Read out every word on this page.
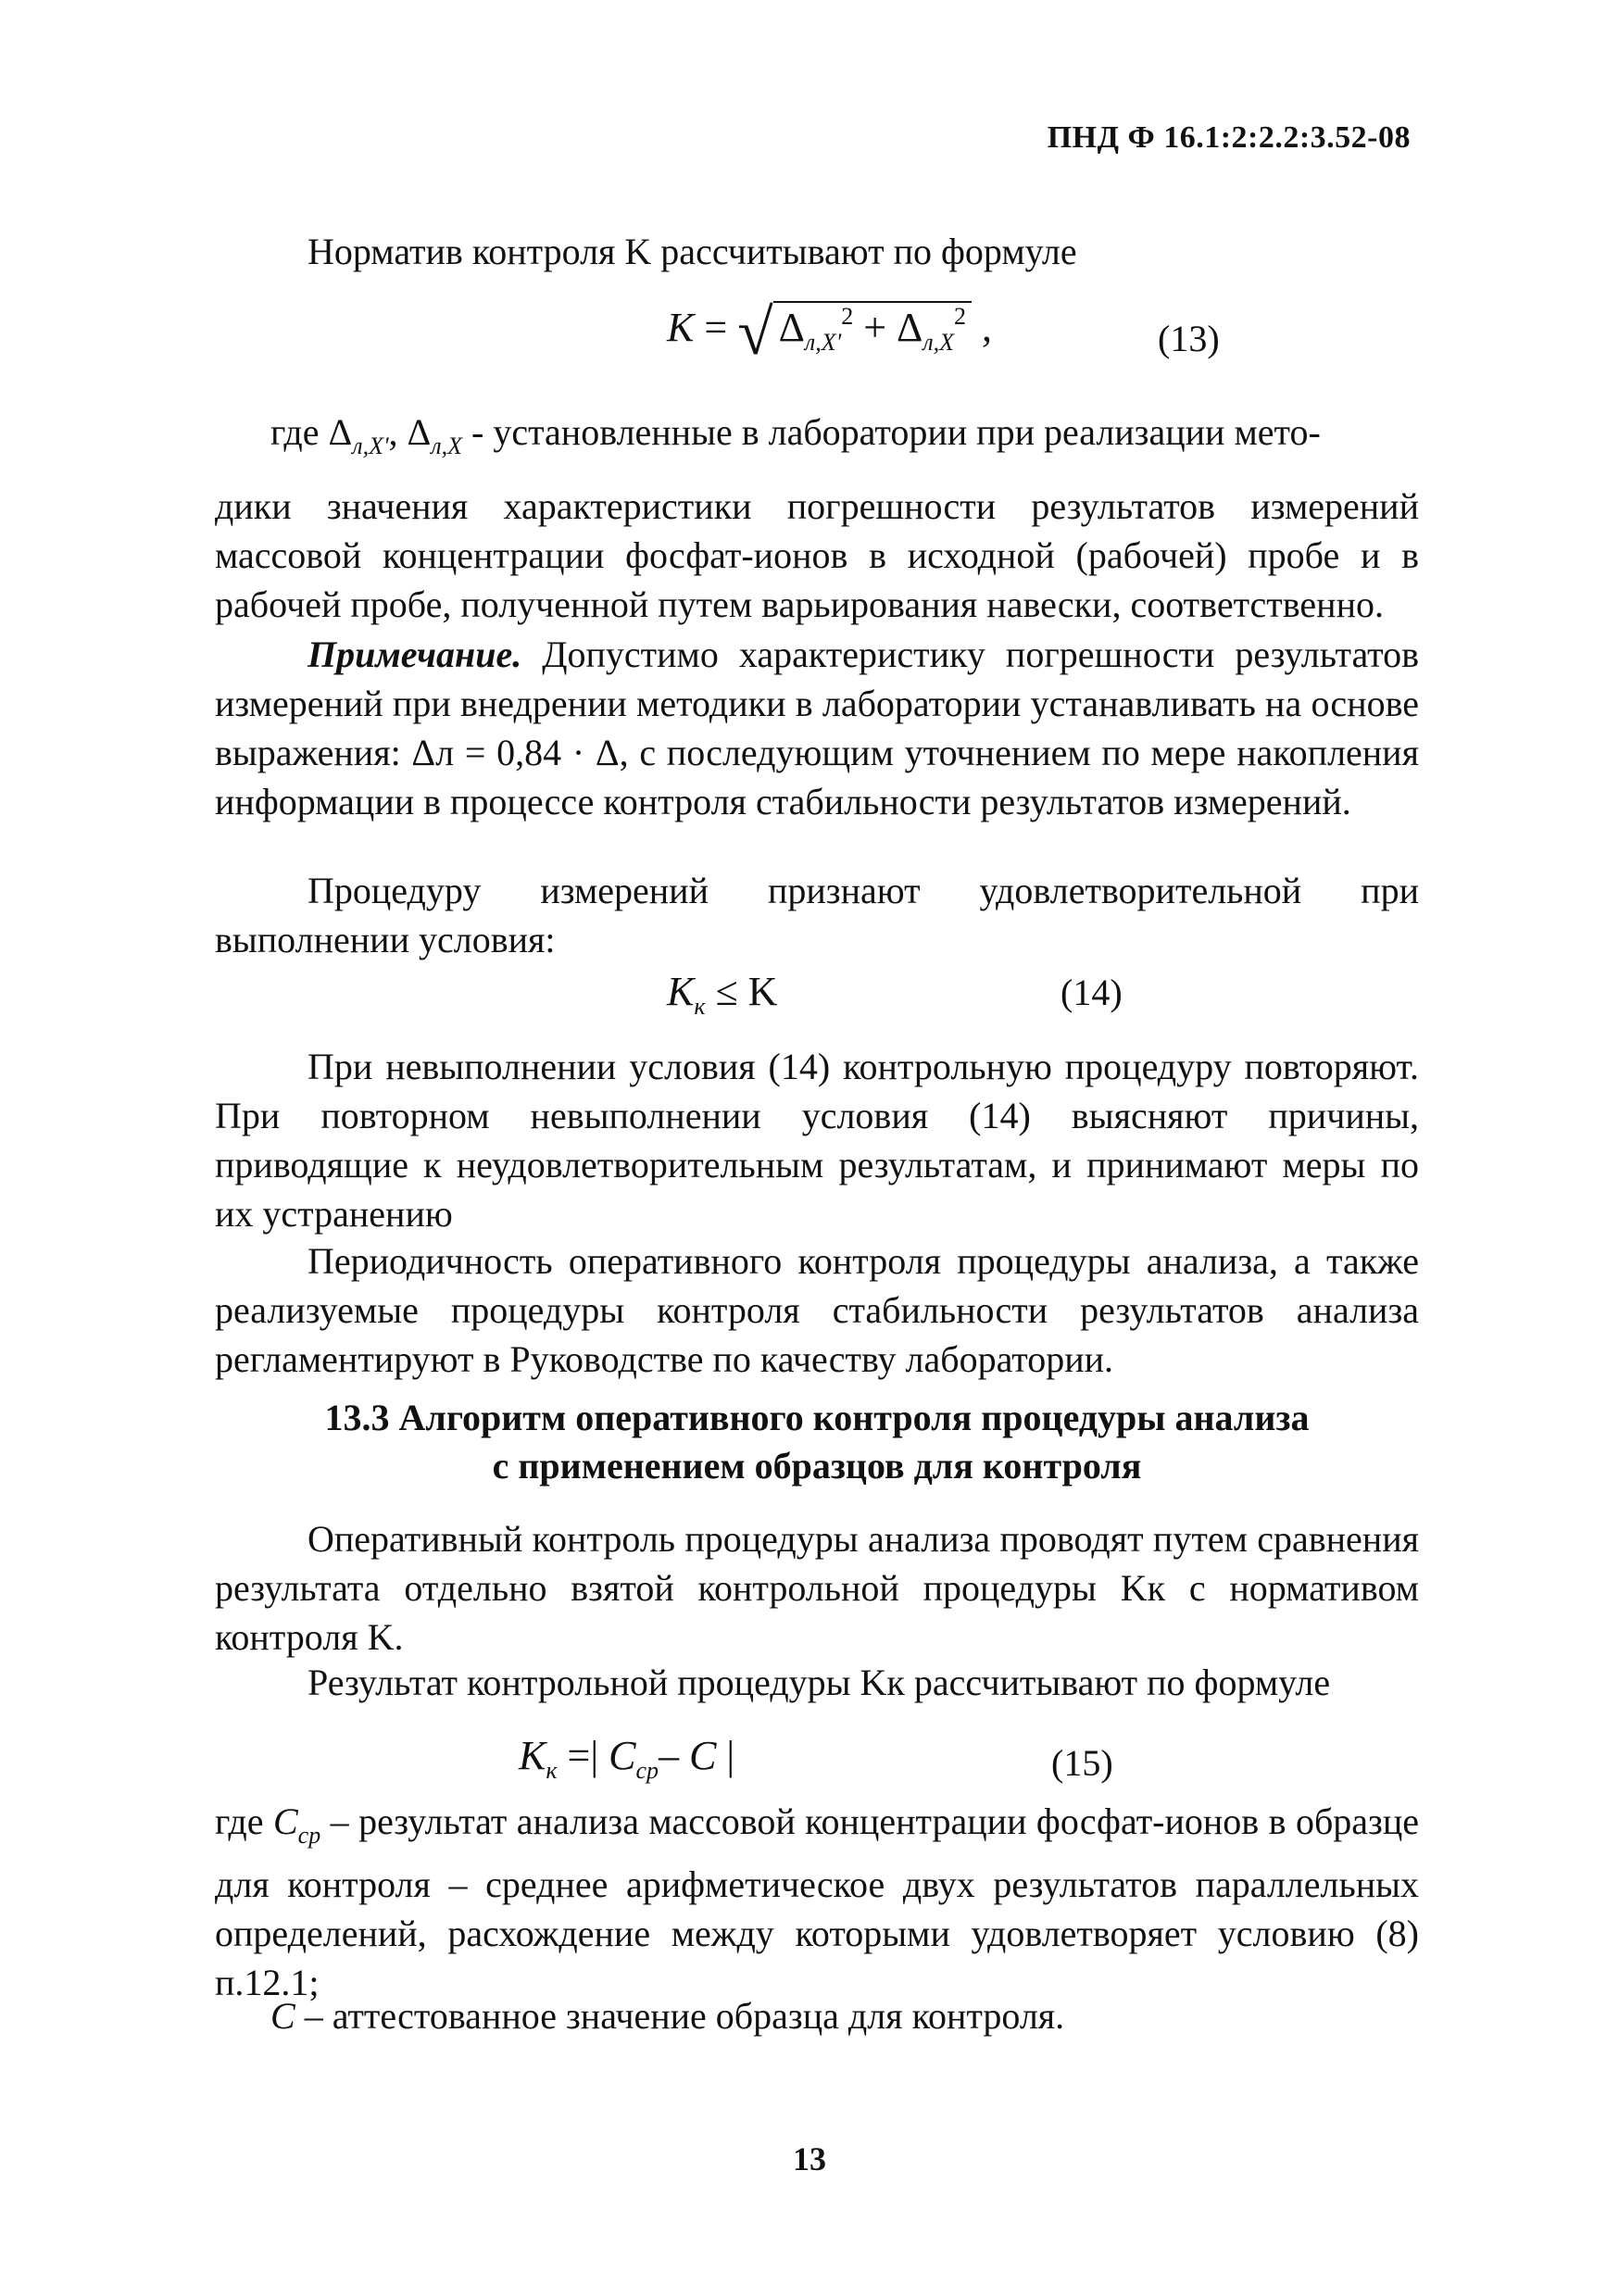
ПНД Ф 16.1:2:2.2:3.52-08
Норматив контроля K рассчитывают по формуле
K = √ $\Delta_{л,X'}^2 + \Delta_{л,X}^2$ ,	(13)
где $\Delta_{л,X'}$, $\Delta_{л,X}$ - установленные в лаборатории при реализации мето-
дики значения характеристики погрешности результатов измерений массовой концентрации фосфат-ионов в исходной (рабочей) пробе и в рабочей пробе, полученной путем варьирования навески, соответственно.
Примечание. Допустимо характеристику погрешности результатов измерений при внедрении методики в лаборатории устанавливать на основе выражения: Δл = 0,84 · Δ, с последующим уточнением по мере накопления информации в процессе контроля стабильности результатов измерений.
Процедуру измерений признают удовлетворительной при выполнении условия:
$K_к \le K$	(14)
При невыполнении условия (14) контрольную процедуру повторяют. При повторном невыполнении условия (14) выясняют причины, приводящие к неудовлетворительным результатам, и принимают меры по их устранению
Периодичность оперативного контроля процедуры анализа, а также реализуемые процедуры контроля стабильности результатов анализа регламентируют в Руководстве по качеству лаборатории.
13.3 Алгоритм оперативного контроля процедуры анализа
с применением образцов для контроля
Оперативный контроль процедуры анализа проводят путем сравнения результата отдельно взятой контрольной процедуры Kк с нормативом контроля K.
Результат контрольной процедуры Kк рассчитывают по формуле
$K_к$ =| $C_{ср}-$ C |	(15)
где $C_{ср}$ – результат анализа массовой концентрации фосфат-ионов в образце для контроля – среднее арифметическое двух результатов параллельных определений, расхождение между которыми удовлетворяет условию (8) п.12.1;
C – аттестованное значение образца для контроля.
13
